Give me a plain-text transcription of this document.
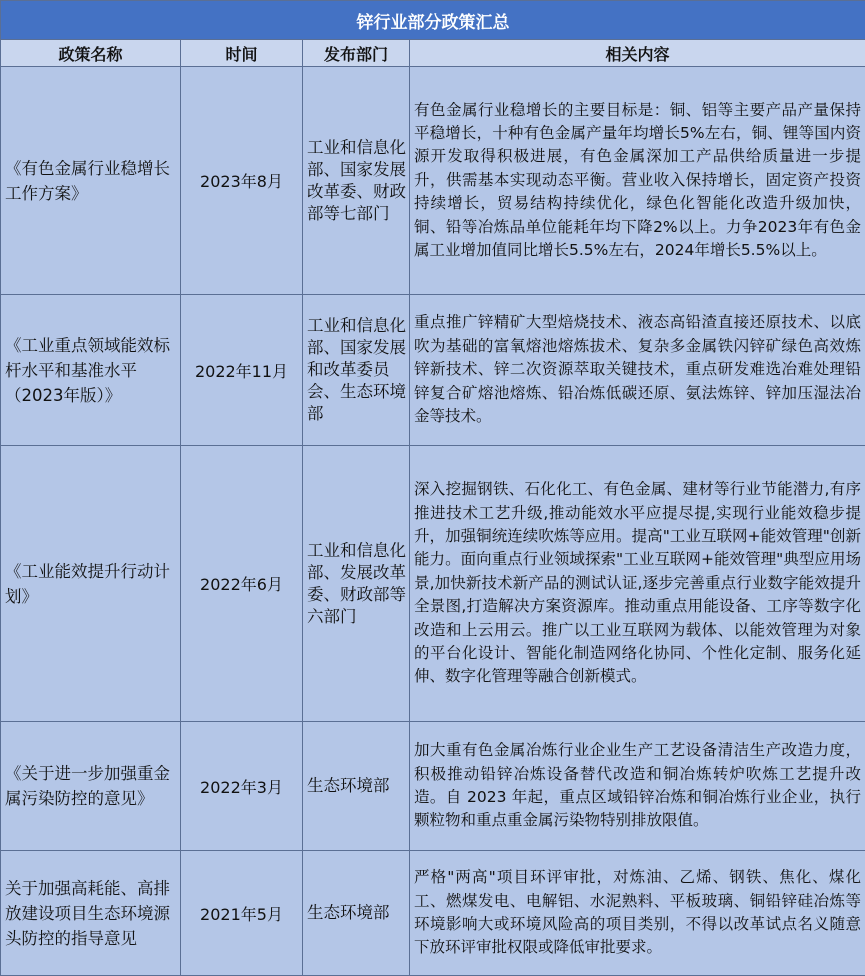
锌行业部分政策汇总			
政策名称	时间	发布部门	相关内容
《有色金属行业稳增长工作方案》	2023年8月	工业和信息化部、国家发展改革委、财政部等七部门	有色金属行业稳增长的主要目标是：铜、铝等主要产品产量保持平稳增长，十种有色金属产量年均增长5%左右，铜、锂等国内资源开发取得积极进展，有色金属深加工产品供给质量进一步提升，供需基本实现动态平衡。营业收入保持增长，固定资产投资持续增长，贸易结构持续优化，绿色化智能化改造升级加快，铜、铅等冶炼品单位能耗年均下降2%以上。力争2023年有色金属工业增加值同比增长5.5%左右，2024年增长5.5%以上。
《工业重点领域能效标杆水平和基准水平（2023年版）》	2022年11月	工业和信息化部、国家发展和改革委员会、生态环境部	重点推广锌精矿大型焙烧技术、液态高铅渣直接还原技术、以底吹为基础的富氧熔池熔炼拔术、复杂多金属铁闪锌矿绿色高效炼锌新技术、锌二次资源萃取关键技术，重点研发难选冶难处理铅锌复合矿熔池熔炼、铅冶炼低碳还原、氨法炼锌、锌加压湿法冶金等技术。
《工业能效提升行动计划》	2022年6月	工业和信息化部、发展改革委、财政部等六部门	深入挖掘钢铁、石化化工、有色金属、建材等行业节能潜力,有序推进技术工艺升级,推动能效水平应提尽提,实现行业能效稳步提升，加强铜统连续吹炼等应用。提高"工业互联网+能效管理"创新能力。面向重点行业领域探索"工业互联网+能效管理"典型应用场景,加快新技术新产品的测试认证,逐步完善重点行业数字能效提升全景图,打造解决方案资源库。推动重点用能设备、工序等数字化改造和上云用云。推广以工业互联网为载体、以能效管理为对象的平台化设计、智能化制造网络化协同、个性化定制、服务化延伸、数字化管理等融合创新模式。
《关于进一步加强重金属污染防控的意见》	2022年3月	生态环境部	加大重有色金属冶炼行业企业生产工艺设备清洁生产改造力度，积极推动铅锌冶炼设备替代改造和铜冶炼转炉吹炼工艺提升改造。自 2023 年起，重点区域铅锌冶炼和铜冶炼行业企业，执行颗粒物和重点重金属污染物特别排放限值。
关于加强高耗能、高排放建设项目生态环境源头防控的指导意见	2021年5月	生态环境部	严格"两高"项目环评审批，对炼油、乙烯、钢铁、焦化、煤化工、燃煤发电、电解铝、水泥熟料、平板玻璃、铜铅锌硅冶炼等环境影响大或环境风险高的项目类别，不得以改革试点名义随意下放环评审批权限或降低审批要求。
